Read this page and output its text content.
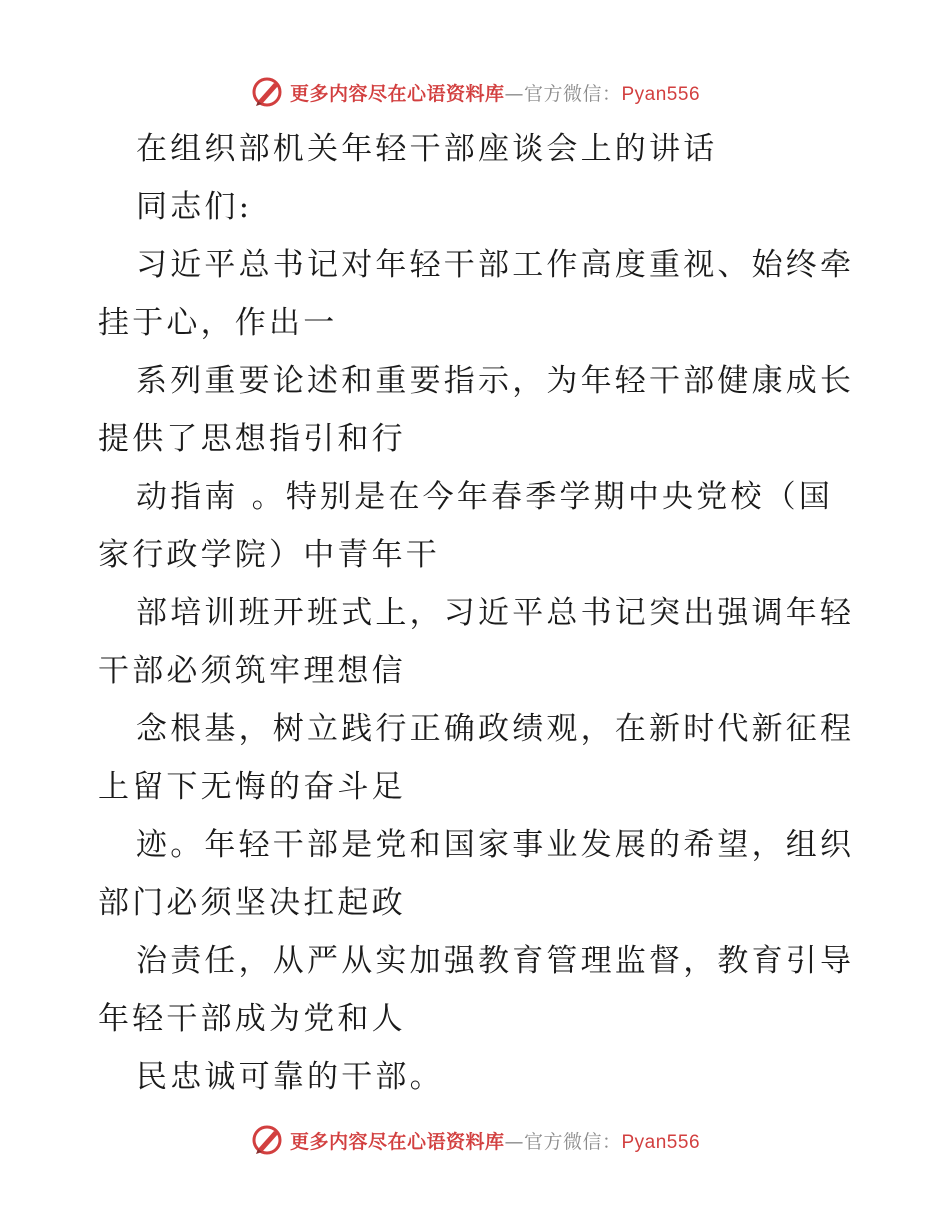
更多内容尽在心语资料库—官方微信：Pyan556
在组织部机关年轻干部座谈会上的讲话
同志们:
习近平总书记对年轻干部工作高度重视、始终牵
挂于心，作出一
系列重要论述和重要指示，为年轻干部健康成长
提供了思想指引和行
动指南 。特别是在今年春季学期中央党校（国
家行政学院）中青年干
部培训班开班式上，习近平总书记突出强调年轻
干部必须筑牢理想信
念根基，树立践行正确政绩观，在新时代新征程
上留下无悔的奋斗足
迹。年轻干部是党和国家事业发展的希望，组织
部门必须坚决扛起政
治责任，从严从实加强教育管理监督，教育引导
年轻干部成为党和人
民忠诚可靠的干部。
更多内容尽在心语资料库—官方微信：Pyan556
